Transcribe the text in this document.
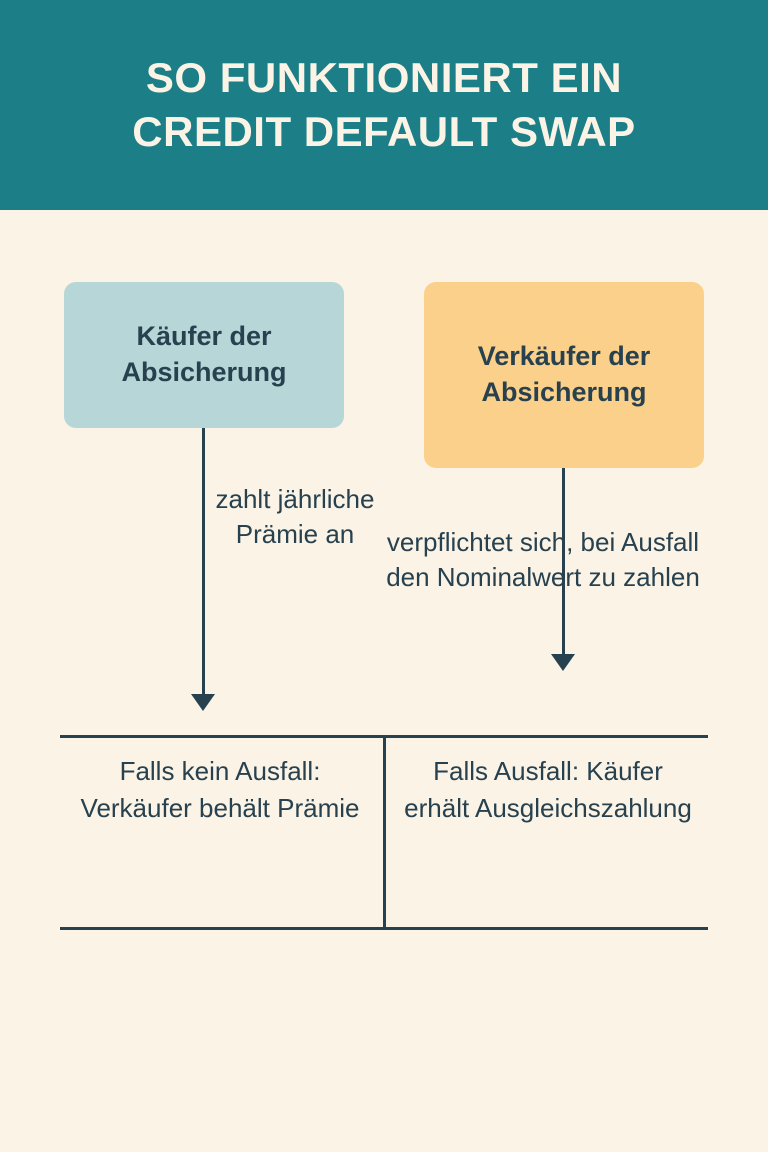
SO FUNKTIONIERT EIN
CREDIT DEFAULT SWAP
Käufer der Absicherung
Verkäufer der Absicherung
zahlt jährliche Prämie an	verpflichtet sich, bei Ausfall den Nominalwert zu zahlen
Falls kein Ausfall: Verkäufer behält Prämie
Falls Ausfall: Käufer erhält Ausgleichszahlung
